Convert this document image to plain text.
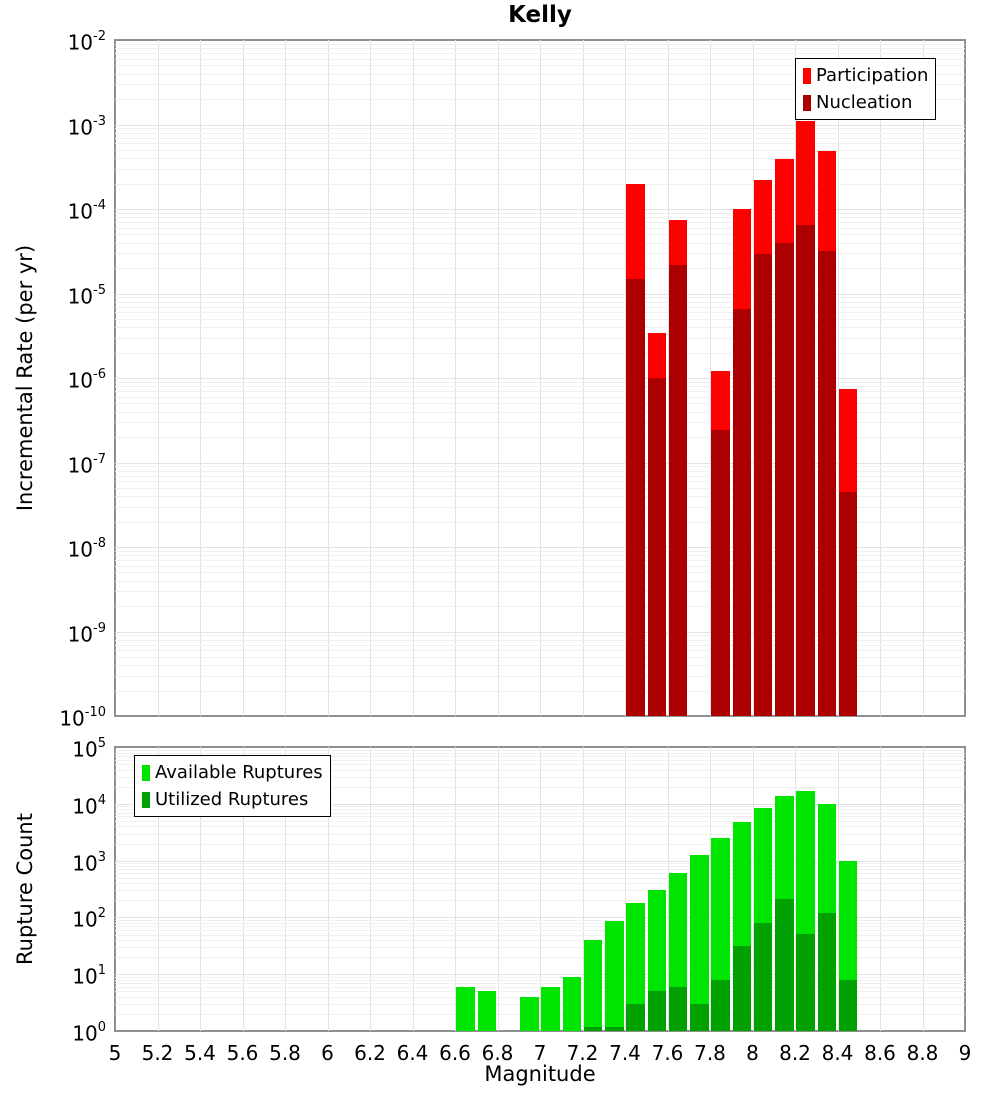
Kelly
Incremental Rate (per yr)
Rupture Count
Magnitude
$10^{-2}$
$10^{-3}$
$10^{-4}$
$10^{-5}$
$10^{-6}$
$10^{-7}$
$10^{-8}$
$10^{-9}$
$10^{-10}$
$10^5$
$10^4$
$10^3$
$10^2$
$10^1$
$10^0$
5	5.2 5.4 5.6 5.8	6	6.2 6.4 6.6 6.8	7	7.2 7.4 7.6 7.8	8	8.2 8.4 8.6 8.8	9
Participation
Nucleation
Available Ruptures
Utilized Ruptures
